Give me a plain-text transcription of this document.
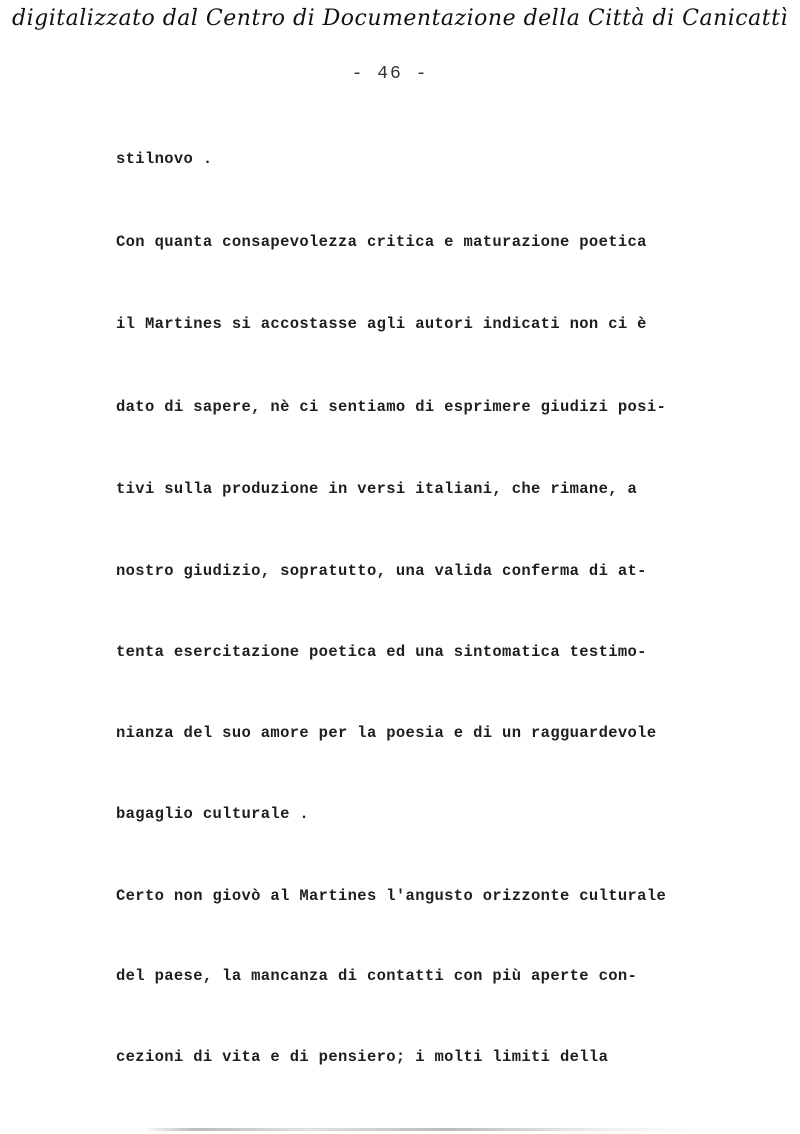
digitalizzato dal Centro di Documentazione della Città di Canicattì
- 46 -
stilnovo .
Con quanta consapevolezza critica e maturazione poetica
il Martines si accostasse agli autori indicati non ci è
dato di sapere, nè ci sentiamo di esprimere giudizi posi-
tivi sulla produzione in versi italiani, che rimane, a
nostro giudizio, sopratutto, una valida conferma di at-
tenta esercitazione poetica ed una sintomatica testimo-
nianza del suo amore per la poesia e di un ragguardevole
bagaglio culturale .
Certo non giovò al Martines l'angusto orizzonte culturale
del paese, la mancanza di contatti con più aperte con-
cezioni di vita e di pensiero; i molti limiti della
